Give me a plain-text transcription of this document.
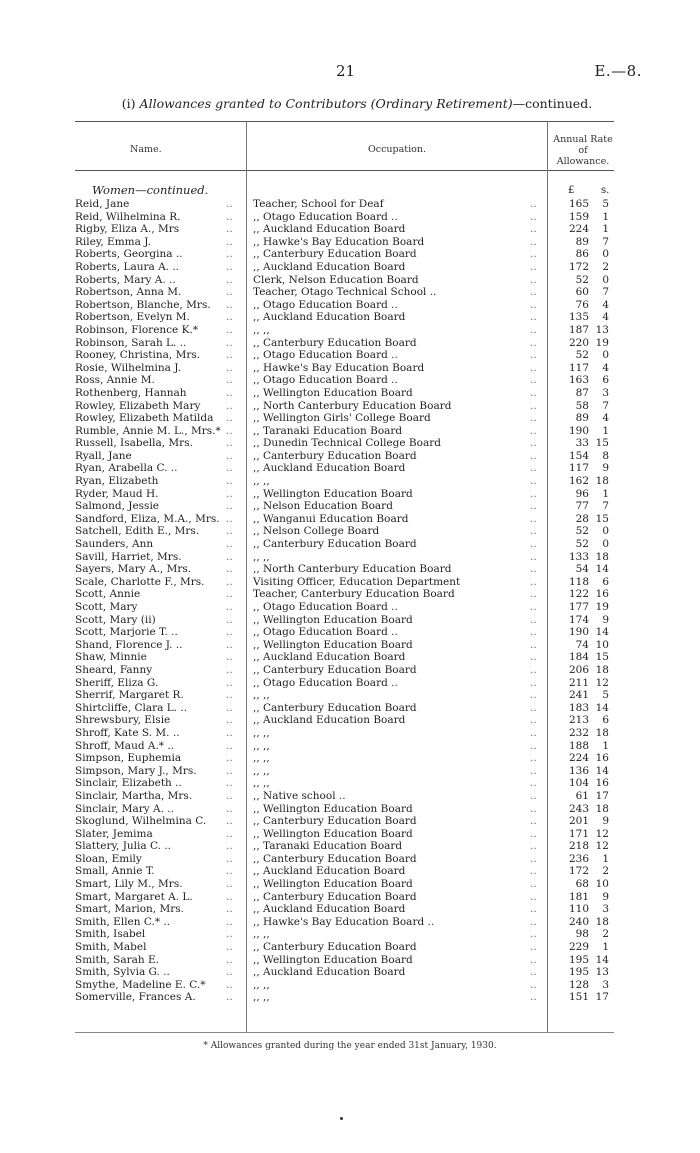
21	E.—8.
(i) Allowances granted to Contributors (Ordinary Retirement)—continued.
Name.	Occupation.
Annual Rate
of Allowance.
Women—continued.	£	s.
Reid, Jane	.. Teacher, School for Deaf	..	165	5
Reid, Wilhelmina R.	.. ,, Otago Education Board ..	..	159	1
Rigby, Eliza A., Mrs	.. ,, Auckland Education Board	..	224	1
Riley, Emma J.	.. ,, Hawke's Bay Education Board	..	89	7
Roberts, Georgina ..	.. ,, Canterbury Education Board	..	86	0
Roberts, Laura A. ..	.. ,, Auckland Education Board	..	172	2
Roberts, Mary A. ..	.. Clerk, Nelson Education Board	..	52	0
Robertson, Anna M.	.. Teacher, Otago Technical School ..	..	60	7
Robertson, Blanche, Mrs. .. ,, Otago Education Board ..	..	76	4
Robertson, Evelyn M.	.. ,, Auckland Education Board	..	135	4
Robinson, Florence K.*	.. ,, ,,	..	187 13
Robinson, Sarah L. ..	.. ,, Canterbury Education Board	..	220 19
Rooney, Christina, Mrs. .. ,, Otago Education Board ..	..	52	0
Rosie, Wilhelmina J.	.. ,, Hawke's Bay Education Board	..	117	4
Ross, Annie M.	.. ,, Otago Education Board ..	..	163	6
Rothenberg, Hannah	.. ,, Wellington Education Board	..	87	3
Rowley, Elizabeth Mary .. ,, North Canterbury Education Board	..	58	7
Rowley, Elizabeth Matilda .. ,, Wellington Girls' College Board	..	89	4
Rumble, Annie M. L., Mrs.* .. ,, Taranaki Education Board	..	190	1
Russell, Isabella, Mrs.	.. ,, Dunedin Technical College Board	..	33 15
Ryall, Jane	.. ,, Canterbury Education Board	..	154	8
Ryan, Arabella C. ..	.. ,, Auckland Education Board	..	117	9
Ryan, Elizabeth	.. ,, ,,	..	162 18
Ryder, Maud H.	.. ,, Wellington Education Board	..	96	1
Salmond, Jessie	.. ,, Nelson Education Board	..	77	7
Sandford, Eliza, M.A., Mrs. .. ,, Wanganui Education Board	..	28 15
Satchell, Edith E., Mrs.	.. ,, Nelson College Board	..	52	0
Saunders, Ann	.. ,, Canterbury Education Board	..	52	0
Savill, Harriet, Mrs.	.. ,, ,,	..	133 18
Sayers, Mary A., Mrs.	.. ,, North Canterbury Education Board	..	54 14
Scale, Charlotte F., Mrs. .. Visiting Officer, Education Department	..	118	6
Scott, Annie	.. Teacher, Canterbury Education Board	..	122 16
Scott, Mary	.. ,, Otago Education Board ..	..	177 19
Scott, Mary (ii)	.. ,, Wellington Education Board	..	174	9
Scott, Marjorie T. ..	.. ,, Otago Education Board ..	..	190 14
Shand, Florence J. ..	.. ,, Wellington Education Board	..	74 10
Shaw, Minnie	.. ,, Auckland Education Board	..	184 15
Sheard, Fanny	.. ,, Canterbury Education Board	..	206 18
Sheriff, Eliza G.	.. ,, Otago Education Board ..	..	211 12
Sherrif, Margaret R.	.. ,, ,,	..	241	5
Shirtcliffe, Clara L. ..	.. ,, Canterbury Education Board	..	183 14
Shrewsbury, Elsie	.. ,, Auckland Education Board	..	213	6
Shroff, Kate S. M. ..	.. ,, ,,	..	232 18
Shroff, Maud A.* ..	.. ,, ,,	..	188	1
Simpson, Euphemia	.. ,, ,,	..	224 16
Simpson, Mary J., Mrs.	.. ,, ,,	..	136 14
Sinclair, Elizabeth ..	.. ,, ,,	..	104 16
Sinclair, Martha, Mrs.	.. ,, Native school ..	..	61 17
Sinclair, Mary A. ..	.. ,, Wellington Education Board	..	243 18
Skoglund, Wilhelmina C. .. ,, Canterbury Education Board	..	201	9
Slater, Jemima	.. ,, Wellington Education Board	..	171 12
Slattery, Julia C. ..	.. ,, Taranaki Education Board	..	218 12
Sloan, Emily	.. ,, Canterbury Education Board	..	236	1
Small, Annie T.	.. ,, Auckland Education Board	..	172	2
Smart, Lily M., Mrs.	.. ,, Wellington Education Board	..	68 10
Smart, Margaret A. L.	.. ,, Canterbury Education Board	..	181	9
Smart, Marion, Mrs.	.. ,, Auckland Education Board	..	110	3
Smith, Ellen C.* ..	.. ,, Hawke's Bay Education Board ..	..	240 18
Smith, Isabel	.. ,, ,,	..	98	2
Smith, Mabel	.. ,, Canterbury Education Board	..	229	1
Smith, Sarah E.	.. ,, Wellington Education Board	..	195 14
Smith, Sylvia G. ..	.. ,, Auckland Education Board	..	195 13
Smythe, Madeline E. C.* .. ,, ,,	..	128	3
Somerville, Frances A.	.. ,, ,,	..	151 17
* Allowances granted during the year ended 31st January, 1930.
